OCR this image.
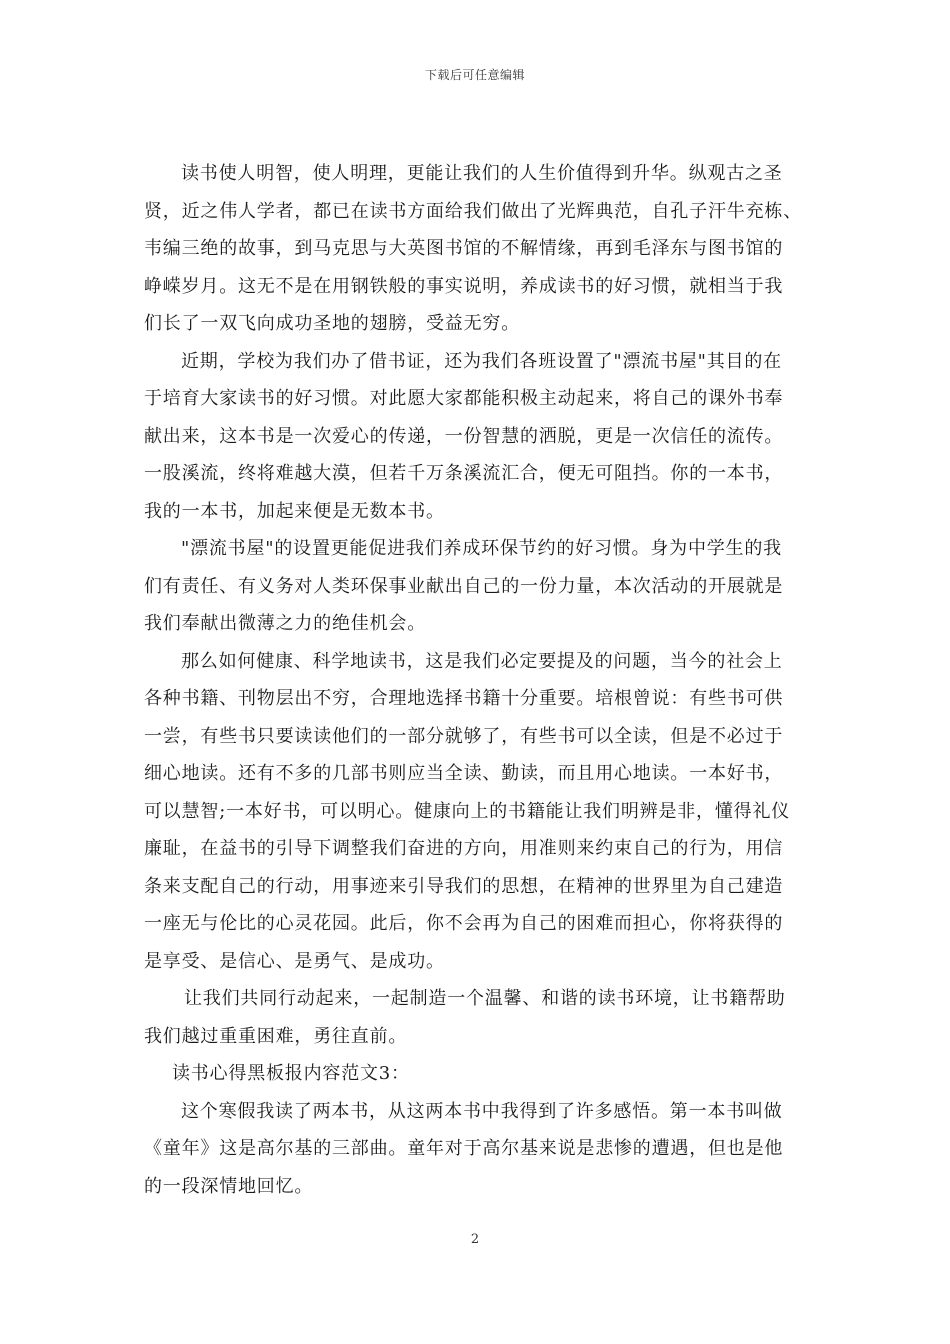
下载后可任意编辑
读书使人明智，使人明理，更能让我们的人生价值得到升华。纵观古之圣
贤，近之伟人学者，都已在读书方面给我们做出了光辉典范，自孔子汗牛充栋、
韦编三绝的故事，到马克思与大英图书馆的不解情缘，再到毛泽东与图书馆的
峥嵘岁月。这无不是在用钢铁般的事实说明，养成读书的好习惯，就相当于我
们长了一双飞向成功圣地的翅膀，受益无穷。
近期，学校为我们办了借书证，还为我们各班设置了"漂流书屋"其目的在
于培育大家读书的好习惯。对此愿大家都能积极主动起来，将自己的课外书奉
献出来，这本书是一次爱心的传递，一份智慧的洒脱，更是一次信任的流传。
一股溪流，终将难越大漠，但若千万条溪流汇合，便无可阻挡。你的一本书，
我的一本书，加起来便是无数本书。
"漂流书屋"的设置更能促进我们养成环保节约的好习惯。身为中学生的我
们有责任、有义务对人类环保事业献出自己的一份力量，本次活动的开展就是
我们奉献出微薄之力的绝佳机会。
那么如何健康、科学地读书，这是我们必定要提及的问题，当今的社会上
各种书籍、刊物层出不穷，合理地选择书籍十分重要。培根曾说：有些书可供
一尝，有些书只要读读他们的一部分就够了，有些书可以全读，但是不必过于
细心地读。还有不多的几部书则应当全读、勤读，而且用心地读。一本好书，
可以慧智;一本好书，可以明心。健康向上的书籍能让我们明辨是非，懂得礼仪
廉耻，在益书的引导下调整我们奋进的方向，用准则来约束自己的行为，用信
条来支配自己的行动，用事迹来引导我们的思想，在精神的世界里为自己建造
一座无与伦比的心灵花园。此后，你不会再为自己的困难而担心，你将获得的
是享受、是信心、是勇气、是成功。
让我们共同行动起来，一起制造一个温馨、和谐的读书环境，让书籍帮助
我们越过重重困难，勇往直前。
读书心得黑板报内容范文3：
这个寒假我读了两本书，从这两本书中我得到了许多感悟。第一本书叫做
《童年》这是高尔基的三部曲。童年对于高尔基来说是悲惨的遭遇，但也是他
的一段深情地回忆。
2
